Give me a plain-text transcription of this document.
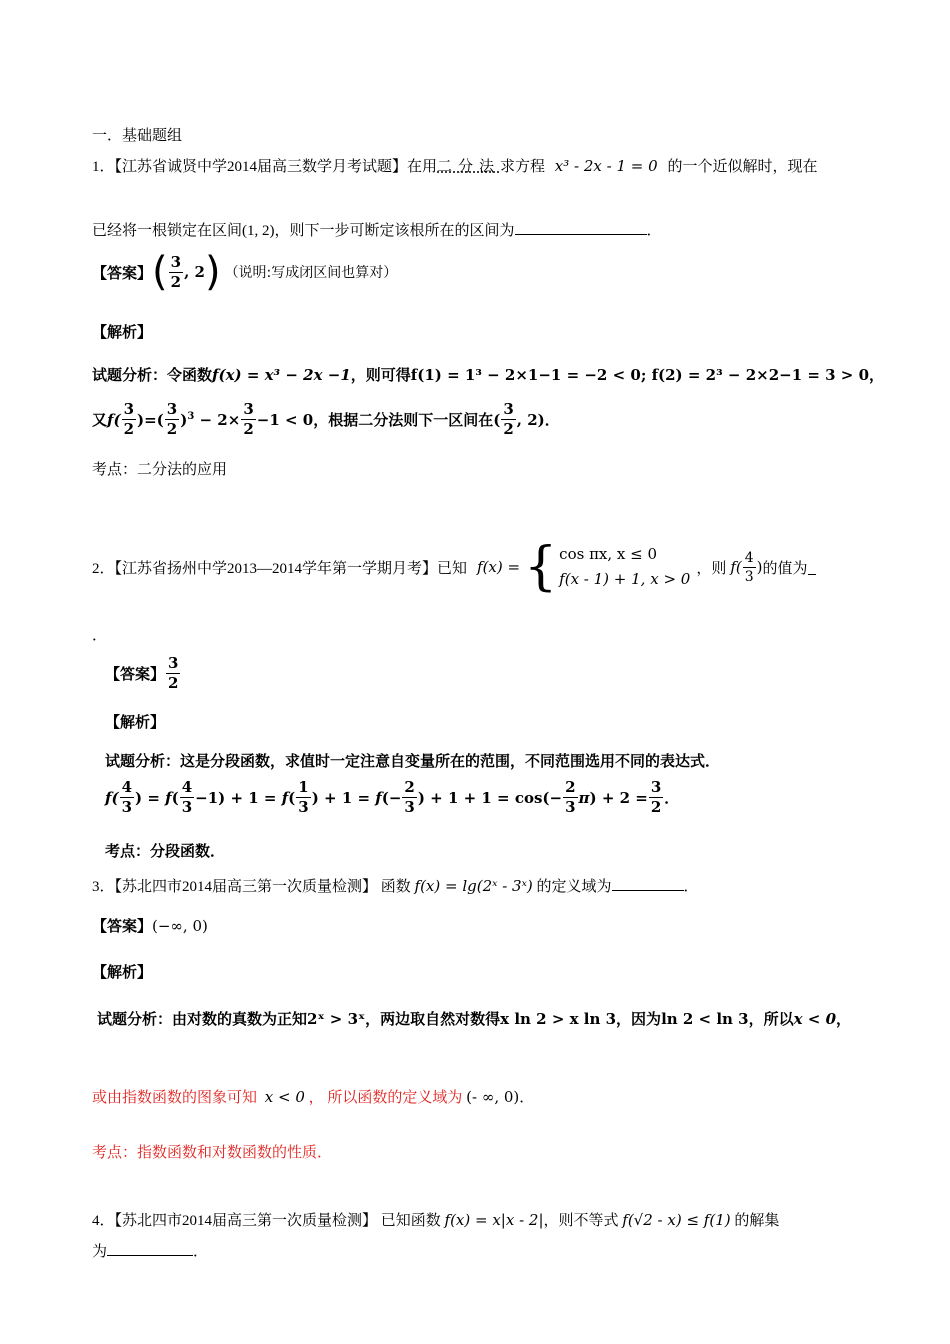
一．基础题组
1．【江苏省诚贤中学2014届高三数学月考试题】在用二分法求方程 x³ - 2x - 1 = 0 的一个近似解时，现在
已经将一根锁定在区间(1, 2)，则下一步可断定该根所在的区间为	．
【答案】 ( $\frac{3}{2}$ , 2 ) （说明:写成闭区间也算对）
【解析】
试题分析：令函数f(x) = x³ − 2x −1，则可得f(1) = 1³ − 2×1−1 = −2 < 0; f(2) = 2³ − 2×2−1 = 3 > 0，
又 $f( \frac{3}{2}$ )=( $\frac{3}{2} )^3 - 2\times \frac{3}{2} -1 < 0$ ，根据二分法则下一区间在 ( $\frac{3}{2}$ , 2) ．
考点：二分法的应用
2．【江苏省扬州中学2013—2014学年第一学期月考】已知 f(x) = { cos πx, x ≤ 0
f(x - 1) + 1, x > 0
，则 $f( \frac{4}{3}$ ) 的值为
．
【答案】 $\frac{3}{2}$
【解析】
试题分析：这是分段函数，求值时一定注意自变量所在的范围，不同范围选用不同的表达式．
$f( \frac{4}{3}$ ) = $f( \frac{4}{3} -1) + 1 = f( \frac{1}{3}$ ) + $1 = f(- \frac{2}{3}$ ) + $1 + 1 = \cos(- \frac{2}{3} \pi) + 2 = \frac{3}{2}$ ．
考点：分段函数．
3．【苏北四市2014届高三第一次质量检测】 函数 f(x) = lg(2ˣ - 3ˣ) 的定义域为	．
【答案】(−∞, 0)
【解析】
试题分析：由对数的真数为正知2ˣ > 3ˣ，两边取自然对数得x ln 2 > x ln 3，因为ln 2 < ln 3，所以x < 0，
或由指数函数的图象可知 x < 0 ， 所以函数的定义域为 (- ∞, 0)．
考点：指数函数和对数函数的性质．
4．【苏北四市2014届高三第一次质量检测】 已知函数 f(x) = x|x - 2|，则不等式 f(√2 - x) ≤ f(1) 的解集
为	．
